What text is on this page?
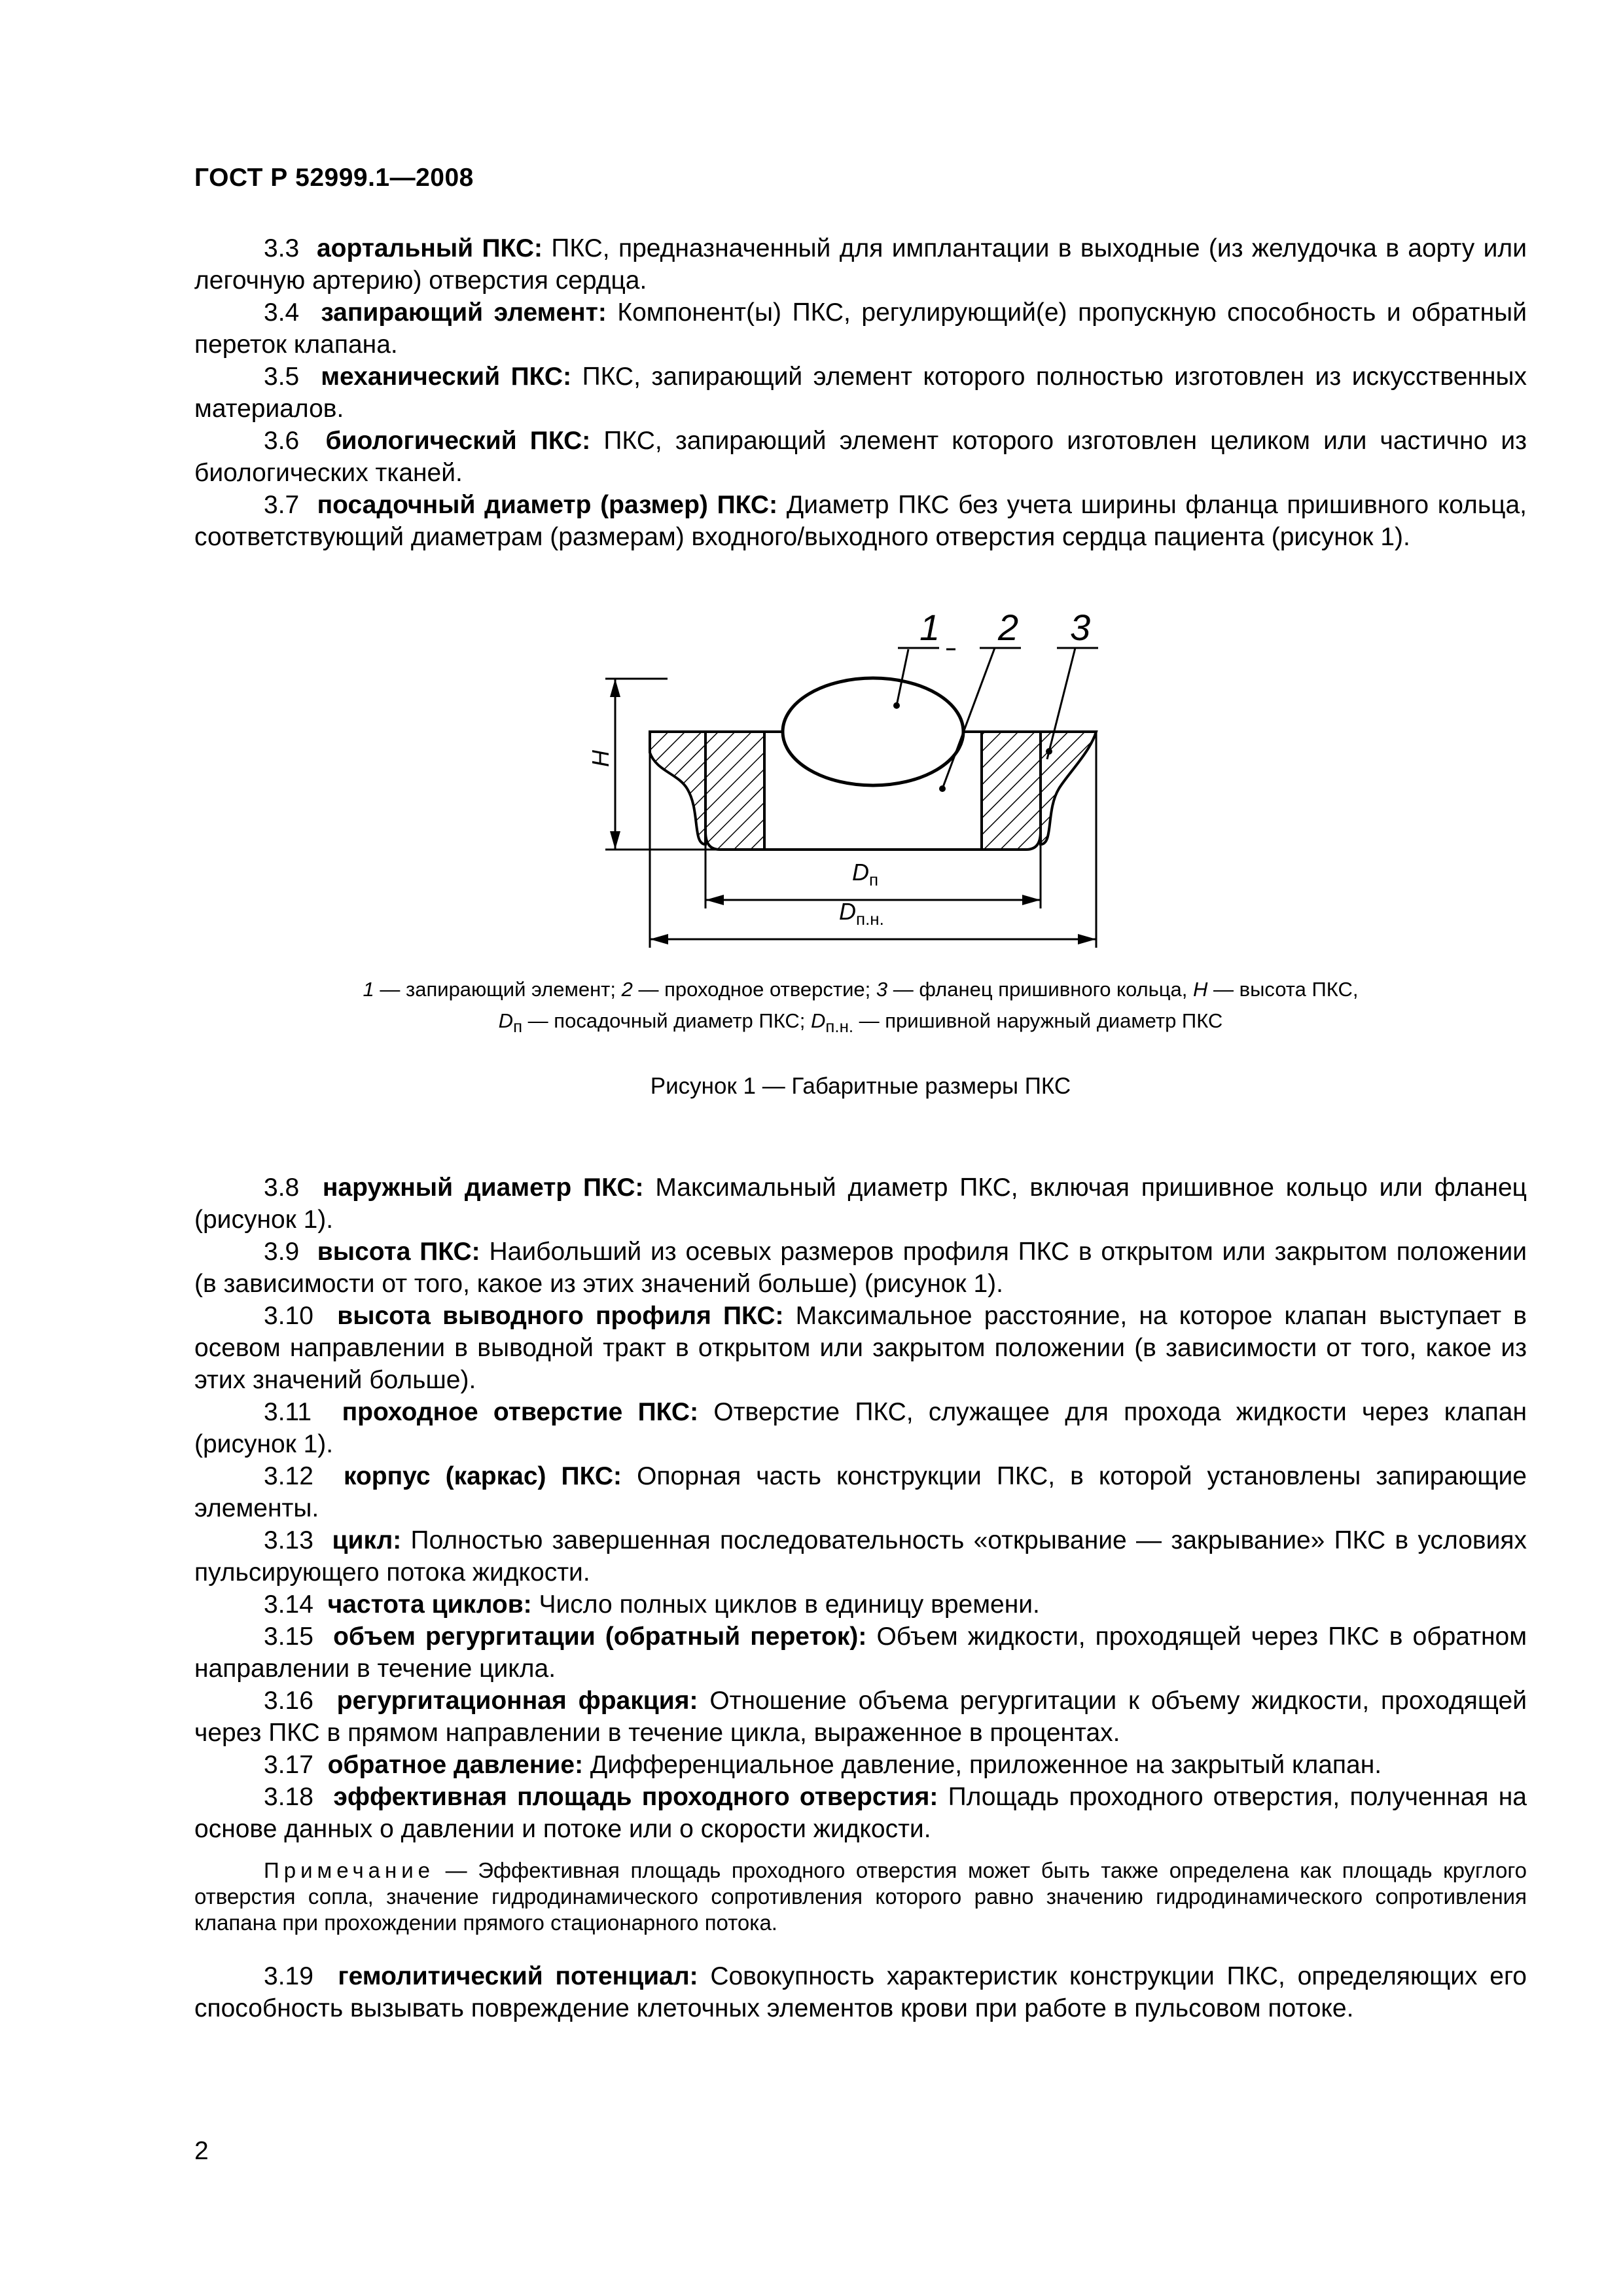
ГОСТ Р 52999.1—2008

3.3 аортальный ПКС: ПКС, предназначенный для имплантации в выходные (из желудочка в аорту или легочную артерию) отверстия сердца.

3.4 запирающий элемент: Компонент(ы) ПКС, регулирующий(е) пропускную способность и обратный переток клапана.

3.5 механический ПКС: ПКС, запирающий элемент которого полностью изготовлен из искусственных материалов.

3.6 биологический ПКС: ПКС, запирающий элемент которого изготовлен целиком или частично из биологических тканей.

3.7 посадочный диаметр (размер) ПКС: Диаметр ПКС без учета ширины фланца пришивного кольца, соответствующий диаметрам (размерам) входного/выходного отверстия сердца пациента (рисунок 1).

1 2 3
H
$D_п$
$D_{п.н.}$
1 — запирающий элемент; 2 — проходное отверстие; 3 — фланец пришивного кольца, H — высота ПКС,
$D_п$ — посадочный диаметр ПКС; $D_{п.н.}$ — пришивной наружный диаметр ПКС
Рисунок 1 — Габаритные размеры ПКС

3.8 наружный диаметр ПКС: Максимальный диаметр ПКС, включая пришивное кольцо или фланец (рисунок 1).

3.9 высота ПКС: Наибольший из осевых размеров профиля ПКС в открытом или закрытом положении (в зависимости от того, какое из этих значений больше) (рисунок 1).

3.10 высота выводного профиля ПКС: Максимальное расстояние, на которое клапан выступает в осевом направлении в выводной тракт в открытом или закрытом положении (в зависимости от того, какое из этих значений больше).

3.11 проходное отверстие ПКС: Отверстие ПКС, служащее для прохода жидкости через клапан (рисунок 1).

3.12 корпус (каркас) ПКС: Опорная часть конструкции ПКС, в которой установлены запирающие элементы.

3.13 цикл: Полностью завершенная последовательность «открывание — закрывание» ПКС в условиях пульсирующего потока жидкости.

3.14 частота циклов: Число полных циклов в единицу времени.

3.15 объем регургитации (обратный переток): Объем жидкости, проходящей через ПКС в обратном направлении в течение цикла.

3.16 регургитационная фракция: Отношение объема регургитации к объему жидкости, проходящей через ПКС в прямом направлении в течение цикла, выраженное в процентах.

3.17 обратное давление: Дифференциальное давление, приложенное на закрытый клапан.

3.18 эффективная площадь проходного отверстия: Площадь проходного отверстия, полученная на основе данных о давлении и потоке или о скорости жидкости.

Примечание — Эффективная площадь проходного отверстия может быть также определена как площадь круглого отверстия сопла, значение гидродинамического сопротивления которого равно значению гидродинамического сопротивления клапана при прохождении прямого стационарного потока.

3.19 гемолитический потенциал: Совокупность характеристик конструкции ПКС, определяющих его способность вызывать повреждение клеточных элементов крови при работе в пульсовом потоке.

2
